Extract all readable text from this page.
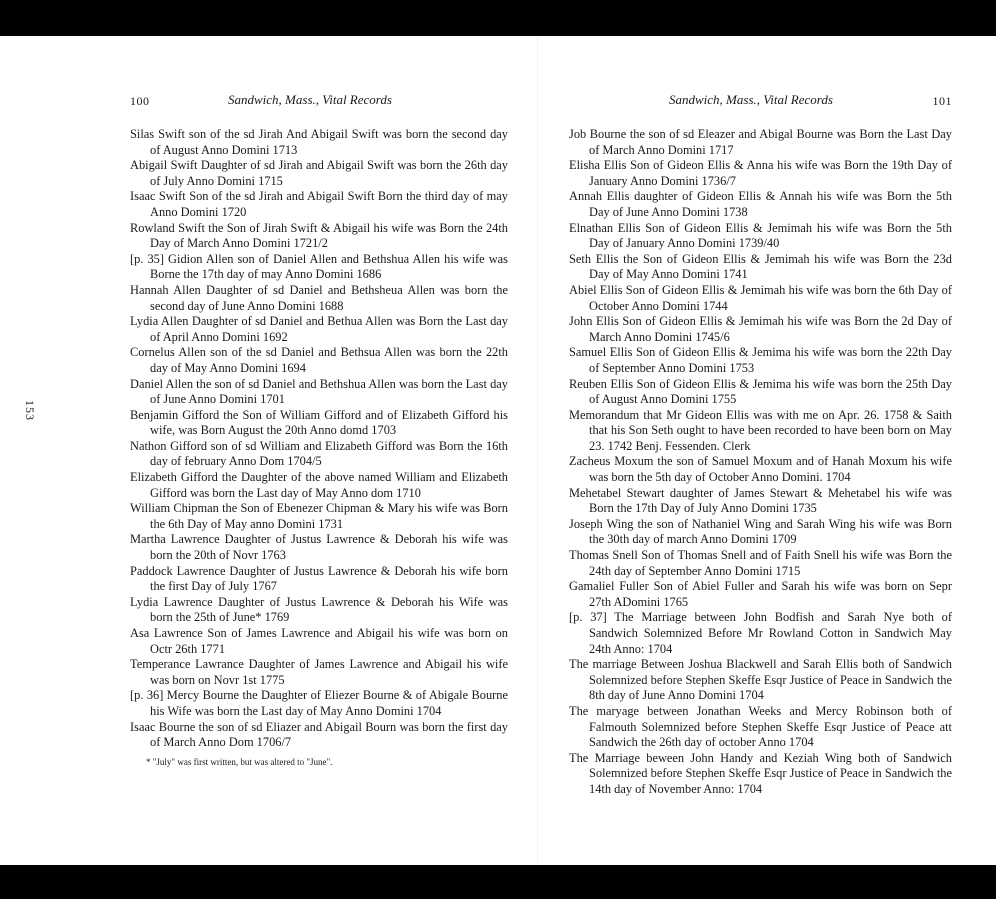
153
100	Sandwich, Mass., Vital Records

Silas Swift son of the sd Jirah And Abigail Swift was born the second day of August Anno Domini 1713

Abigail Swift Daughter of sd Jirah and Abigail Swift was born the 26th day of July Anno Domini 1715

Isaac Swift Son of the sd Jirah and Abigail Swift Born the third day of may Anno Domini 1720

Rowland Swift the Son of Jirah Swift & Abigail his wife was Born the 24th Day of March Anno Domini 1721/2

[p. 35] Gidion Allen son of Daniel Allen and Bethshua Allen his wife was Borne the 17th day of may Anno Domini 1686

Hannah Allen Daughter of sd Daniel and Bethsheua Allen was born the second day of June Anno Domini 1688

Lydia Allen Daughter of sd Daniel and Bethua Allen was Born the Last day of April Anno Domini 1692

Cornelus Allen son of the sd Daniel and Bethsua Allen was born the 22th day of May Anno Domini 1694

Daniel Allen the son of sd Daniel and Bethshua Allen was born the Last day of June Anno Domini 1701

Benjamin Gifford the Son of William Gifford and of Elizabeth Gifford his wife, was Born August the 20th Anno domd 1703

Nathon Gifford son of sd William and Elizabeth Gifford was Born the 16th day of february Anno Dom 1704/5

Elizabeth Gifford the Daughter of the above named William and Elizabeth Gifford was born the Last day of May Anno dom 1710

William Chipman the Son of Ebenezer Chipman & Mary his wife was Born the 6th Day of May anno Domini 1731

Martha Lawrence Daughter of Justus Lawrence & Deborah his wife was born the 20th of Novr 1763

Paddock Lawrence Daughter of Justus Lawrence & Deborah his wife born the first Day of July 1767

Lydia Lawrence Daughter of Justus Lawrence & Deborah his Wife was born the 25th of June* 1769

Asa Lawrence Son of James Lawrence and Abigail his wife was born on Octr 26th 1771

Temperance Lawrance Daughter of James Lawrence and Abigail his wife was born on Novr 1st 1775

[p. 36] Mercy Bourne the Daughter of Eliezer Bourne & of Abigale Bourne his Wife was born the Last day of May Anno Domini 1704

Isaac Bourne the son of sd Eliazer and Abigail Bourn was born the first day of March Anno Dom 1706/7

* "July" was first written, but was altered to "June".
Sandwich, Mass., Vital Records	101

Job Bourne the son of sd Eleazer and Abigal Bourne was Born the Last Day of March Anno Domini 1717

Elisha Ellis Son of Gideon Ellis & Anna his wife was Born the 19th Day of January Anno Domini 1736/7

Annah Ellis daughter of Gideon Ellis & Annah his wife was Born the 5th Day of June Anno Domini 1738

Elnathan Ellis Son of Gideon Ellis & Jemimah his wife was Born the 5th Day of January Anno Domini 1739/40

Seth Ellis the Son of Gideon Ellis & Jemimah his wife was Born the 23d Day of May Anno Domini 1741

Abiel Ellis Son of Gideon Ellis & Jemimah his wife was born the 6th Day of October Anno Domini 1744

John Ellis Son of Gideon Ellis & Jemimah his wife was Born the 2d Day of March Anno Domini 1745/6

Samuel Ellis Son of Gideon Ellis & Jemima his wife was born the 22th Day of September Anno Domini 1753

Reuben Ellis Son of Gideon Ellis & Jemima his wife was born the 25th Day of August Anno Domini 1755

Memorandum that Mr Gideon Ellis was with me on Apr. 26. 1758 & Saith that his Son Seth ought to have been recorded to have been born on May 23. 1742 Benj. Fessenden. Clerk

Zacheus Moxum the son of Samuel Moxum and of Hanah Moxum his wife was born the 5th day of October Anno Domini. 1704

Mehetabel Stewart daughter of James Stewart & Mehetabel his wife was Born the 17th Day of July Anno Domini 1735

Joseph Wing the son of Nathaniel Wing and Sarah Wing his wife was Born the 30th day of march Anno Domini 1709

Thomas Snell Son of Thomas Snell and of Faith Snell his wife was Born the 24th day of September Anno Domini 1715

Gamaliel Fuller Son of Abiel Fuller and Sarah his wife was born on Sepr 27th ADomini 1765

[p. 37] The Marriage between John Bodfish and Sarah Nye both of Sandwich Solemnized Before Mr Rowland Cotton in Sandwich May 24th Anno: 1704

The marriage Between Joshua Blackwell and Sarah Ellis both of Sandwich Solemnized before Stephen Skeffe Esqr Justice of Peace in Sandwich the 8th day of June Anno Domini 1704

The maryage between Jonathan Weeks and Mercy Robinson both of Falmouth Solemnized before Stephen Skeffe Esqr Justice of Peace att Sandwich the 26th day of october Anno 1704

The Marriage beween John Handy and Keziah Wing both of Sandwich Solemnized before Stephen Skeffe Esqr Justice of Peace in Sandwich the 14th day of November Anno: 1704
